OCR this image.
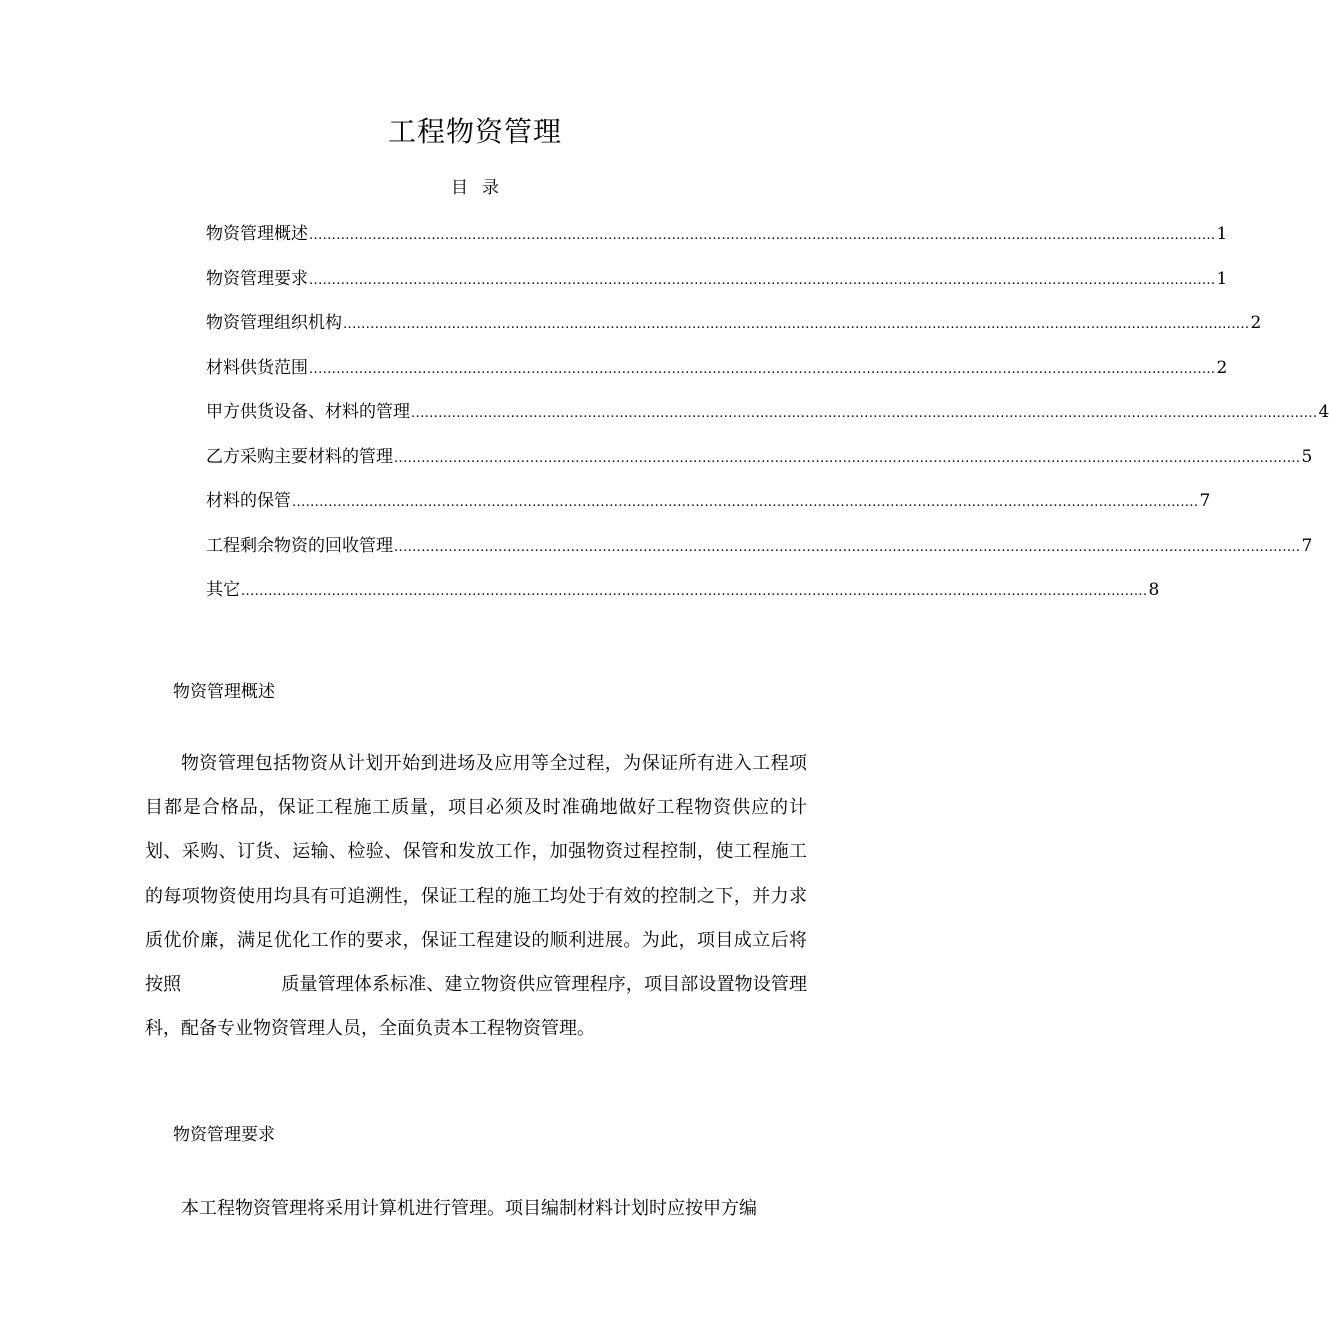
工程物资管理
目 录
物资管理概述 ........................................................................................................................................................................................................ 1
物资管理要求 ........................................................................................................................................................................................................ 1
物资管理组织机构 ........................................................................................................................................................................................................ 2
材料供货范围 ........................................................................................................................................................................................................ 2
甲方供货设备、材料的管理 ........................................................................................................................................................................................................ 4
乙方采购主要材料的管理 ........................................................................................................................................................................................................ 5
材料的保管 ........................................................................................................................................................................................................ 7
工程剩余物资的回收管理 ........................................................................................................................................................................................................ 7
其它 ........................................................................................................................................................................................................ 8
物资管理概述

物资管理包括物资从计划开始到进场及应用等全过程，为保证所有进入工程项目都是合格品，保证工程施工质量，项目必须及时准确地做好工程物资供应的计划、采购、订货、运输、检验、保管和发放工作，加强物资过程控制，使工程施工的每项物资使用均具有可追溯性，保证工程的施工均处于有效的控制之下，并力求质优价廉，满足优化工作的要求，保证工程建设的顺利进展。为此，项目成立后将按照	质量管理体系标准、建立物资供应管理程序，项目部设置物设管理科，配备专业物资管理人员，全面负责本工程物资管理。

物资管理要求

本工程物资管理将采用计算机进行管理。项目编制材料计划时应按甲方编
